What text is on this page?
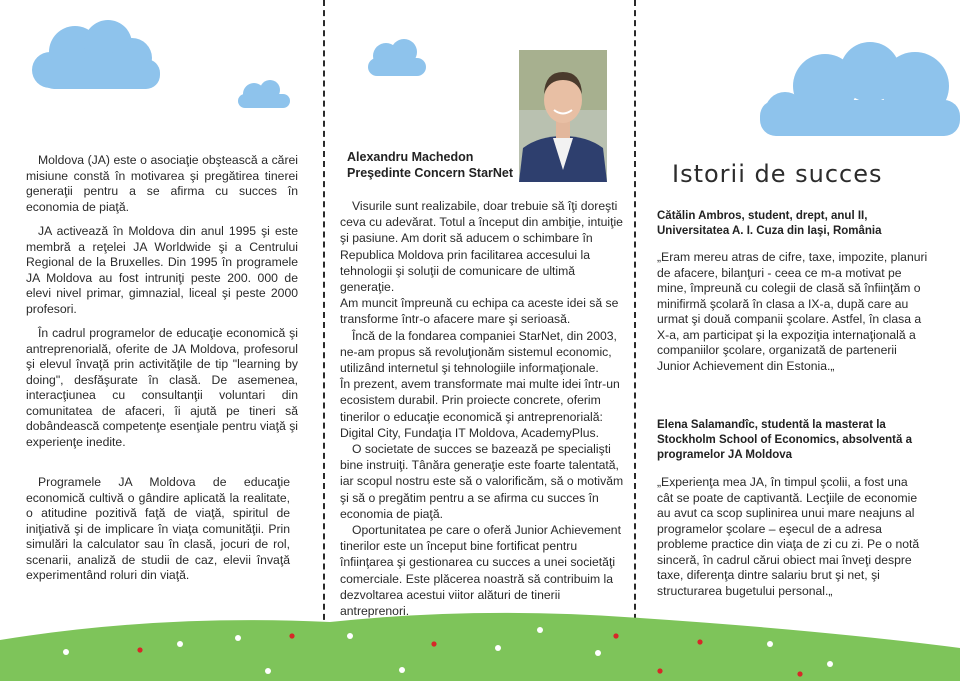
Moldova (JA) este o asociaţie obştească a cărei misiune constă în motivarea şi pregătirea tinerei generaţii pentru a se afirma cu succes în economia de piaţă.

JA activează în Moldova din anul 1995 şi este membră a reţelei JA Worldwide şi a Centrului Regional de la Bruxelles. Din 1995 în programele JA Moldova au fost intruniţi peste 200. 000 de elevi nivel primar, gimnazial, liceal şi peste 2000 profesori.

În cadrul programelor de educaţie economică şi antreprenorială, oferite de JA Moldova, profesorul şi elevul învaţă prin activităţile de tip "learning by doing", desfăşurate în clasă. De asemenea, interacţiunea cu consultanţii voluntari din comunitatea de afaceri, îi ajută pe tineri să dobândească competenţe esenţiale pentru viaţă şi experienţe inedite.

Programele JA Moldova de educaţie economică cultivă o gândire aplicată la realitate, o atitudine pozitivă faţă de viaţă, spiritul de iniţiativă şi de implicare în viaţa comunităţii. Prin simulări la calculator sau în clasă, jocuri de rol, scenarii, analiză de studii de caz, elevii învaţă experimentând roluri din viaţă.

Alexandru Machedon
Preşedinte Concern StarNet

Visurile sunt realizabile, doar trebuie să îţi doreşti ceva cu adevărat. Totul a început din ambiţie, intuiţie şi pasiune. Am dorit să aducem o schimbare în Republica Moldova prin facilitarea accesului la tehnologii şi soluţii de comunicare de ultimă generaţie.

Am muncit împreună cu echipa ca aceste idei să se transforme într-o afacere mare şi serioasă.

Încă de la fondarea companiei StarNet, din 2003, ne-am propus să revoluţionăm sistemul economic, utilizând internetul şi tehnologiile informaţionale.

În prezent, avem transformate mai multe idei într-un ecosistem durabil. Prin proiecte concrete, oferim tinerilor o educaţie economică şi antreprenorială: Digital City, Fundaţia IT Moldova, AcademyPlus.

O societate de succes se bazează pe specialişti bine instruiţi. Tânăra generaţie este foarte talentată, iar scopul nostru este să o valorificăm, să o motivăm şi să o pregătim pentru a se afirma cu succes în economia de piaţă.

Oportunitatea pe care o oferă Junior Achievement tinerilor este un început bine fortificat pentru înfiinţarea şi gestionarea cu succes a unei societăţi comerciale. Este plăcerea noastră să contribuim la dezvoltarea acestui viitor alături de tinerii antreprenori.

Istorii de succes
Cătălin Ambros, student, drept, anul II, Universitatea A. I. Cuza din Iaşi, România
„Eram mereu atras de cifre, taxe, impozite, planuri de afacere, bilanţuri - ceea ce m-a motivat pe mine, împreună cu colegii de clasă să înfiinţăm o minifirmă şcolară în clasa a IX-a, după care au urmat şi două companii şcolare. Astfel, în clasa a X-a, am participat şi la expoziţia internaţională a companiilor şcolare, organizată de partenerii Junior Achievement din Estonia.„
Elena Salamandîc, studentă la masterat la Stockholm School of Economics, absolventă a programelor JA Moldova
„Experienţa mea JA, în timpul şcolii, a fost una cât se poate de captivantă. Lecţiile de economie au avut ca scop suplinirea unui mare neajuns al programelor şcolare – eşecul de a adresa probleme practice din viaţa de zi cu zi. Pe o notă sinceră, în cadrul cărui obiect mai înveţi despre taxe, diferenţa dintre salariu brut şi net, şi structurarea bugetului personal.„
